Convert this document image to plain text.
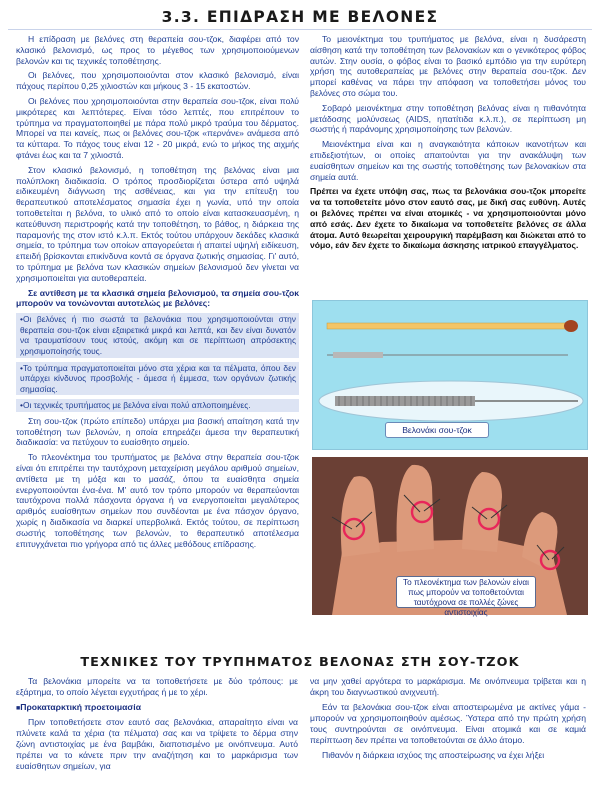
3.3. ΕΠΙΔΡΑΣΗ ΜΕ ΒΕΛΟΝΕΣ

Η επίδραση με βελόνες στη θεραπεία σου-τζοκ, διαφέρει από τον κλασικό βελονισμό, ως προς το μέγεθος των χρησιμοποιούμενων βελονών και τις τεχνικές τοποθέτησης.

Οι βελόνες, που χρησιμοποιούνται στον κλασικό βελονισμό, είναι πάχους περίπου 0,25 χιλιοστών και μήκους 3 - 15 εκατοστών.

Οι βελόνες που χρησιμοποιούνται στην θεραπεία σου-τζοκ, είναι πολύ μικρότερες και λεπτότερες. Είναι τόσο λεπτές, που επιτρέπουν το τρύπημα να πραγματοποιηθεί με πάρα πολύ μικρό τραύμα του δέρματος. Μπορεί να πει κανείς, πως οι βελόνες σου-τζοκ «περνάνε» ανάμεσα από τα κύτταρα. Το πάχος τους είναι 12 - 20 μικρά, ενώ το μήκος της αιχμής φτάνει έως και τα 7 χιλιοστά.

Στον κλασικό βελονισμό, η τοποθέτηση της βελόνας είναι μια πολύπλοκη διαδικασία. Ο τρόπος προσδιορίζεται ύστερα από υψηλά ειδικευμένη διάγνωση της ασθένειας, και για την επίτευξη του θεραπευτικού αποτελέσματος σημασία έχει η γωνία, υπό την οποία τοποθετείται η βελόνα, το υλικό από το οποίο είναι κατασκευασμένη, η κατεύθυνση περιστροφής κατά την τοποθέτηση, το βάθος, η διάρκεια της παραμονής της στον ιστό κ.λ.π. Εκτός τούτου υπάρχουν δεκάδες κλασικά σημεία, το τρύπημα των οποίων απαγορεύεται ή απαιτεί υψηλή ειδίκευση, επειδή βρίσκονται επικίνδυνα κοντά σε όργανα ζωτικής σημασίας. Γι' αυτό, το τρύπημα με βελόνα των κλασικών σημείων βελονισμού δεν γίνεται να χρησιμοποιείται για αυτοθεραπεία.

Σε αντίθεση με τα κλασικά σημεία βελονισμού, τα σημεία σου-τζοκ μπορούν να τονώνονται αυτοτελώς με βελόνες:

• Οι βελόνες ή πιο σωστά τα βελονάκια που χρησιμοποιούνται στην θεραπεία σου-τζοκ είναι εξαιρετικά μικρά και λεπτά, και δεν είναι δυνατόν να τραυματίσουν τους ιστούς, ακόμη και σε περίπτωση απρόσεκτης χρησιμοποίησής τους.

• Το τρύπημα πραγματοποιείται μόνο στα χέρια και τα πέλματα, όπου δεν υπάρχει κίνδυνος προσβολής - άμεσα ή έμμεσα, των οργάνων ζωτικής σημασίας.

• Οι τεχνικές τρυπήματος με βελόνα είναι πολύ απλοποιημένες.

Στη σου-τζοκ (πρώτο επίπεδο) υπάρχει μια βασική απαίτηση κατά την τοποθέτηση των βελονών, η οποία επηρεάζει άμεσα την θεραπευτική διαδικασία: να πετύχουν το ευαίσθητο σημείο.

Το πλεονέκτημα του τρυπήματος με βελόνα στην θεραπεία σου-τζοκ είναι ότι επιτρέπει την ταυτόχρονη μεταχείριση μεγάλου αριθμού σημείων, αντίθετα με τη μόξα και το μασάζ, όπου τα ευαίσθητα σημεία ενεργοποιούνται ένα-ένα. Μ' αυτό τον τρόπο μπορούν να θεραπεύονται ταυτόχρονα πολλά πάσχοντα όργανα ή να ενεργοποιείται μεγαλύτερος αριθμός ευαίσθητων σημείων που συνδέονται με ένα πάσχον όργανο, χωρίς η διαδικασία να διαρκεί υπερβολικά. Εκτός τούτου, σε περίπτωση σωστής τοποθέτησης των βελονών, το θεραπευτικό αποτέλεσμα επιτυγχάνεται πιο γρήγορα από τις άλλες μεθόδους επίδρασης.

Το μειονέκτημα του τρυπήματος με βελόνα, είναι η δυσάρεστη αίσθηση κατά την τοποθέτηση των βελονακίων και ο γενικότερος φόβος αυτών. Στην ουσία, ο φόβος είναι το βασικό εμπόδιο για την ευρύτερη χρήση της αυτοθεραπείας με βελόνες στην θεραπεία σου-τζοκ. Δεν μπορεί καθένας να πάρει την απόφαση να τοποθετήσει μόνος του βελόνες στο σώμα του.

Σοβαρό μειονέκτημα στην τοποθέτηση βελόνας είναι η πιθανότητα μετάδοσης μολύνσεως (AIDS, ηπατίτιδα κ.λ.π.), σε περίπτωση μη σωστής ή παράνομης χρησιμοποίησης των βελονών.

Μειονέκτημα είναι και η αναγκαιότητα κάποιων ικανοτήτων και επιδεξιοτήτων, οι οποίες απαιτούνται για την ανακάλυψη των ευαίσθητων σημείων και της σωστής τοποθέτησης των βελονακίων στα σημεία αυτά.

Πρέπει να έχετε υπόψη σας, πως τα βελονάκια σου-τζοκ μπορείτε να τα τοποθετείτε μόνο στον εαυτό σας, με δική σας ευθύνη. Αυτές οι βελόνες πρέπει να είναι ατομικές - να χρησιμοποιούνται μόνο από εσάς. Δεν έχετε το δικαίωμα να τοποθετείτε βελόνες σε άλλα άτομα. Αυτό θεωρείται χειρουργική παρέμβαση και διώκεται από το νόμο, εάν δεν έχετε το δικαίωμα άσκησης ιατρικού επαγγέλματος.

Βελονάκι σου-τζοκ
Το πλεονέκτημα των βελονών είναι πως μπορούν να τοποθετούνται ταυτόχρονα σε πολλές ζώνες αντιστοιχίας
ΤΕΧΝΙΚΕΣ ΤΟΥ ΤΡΥΠΗΜΑΤΟΣ ΒΕΛΟΝΑΣ ΣΤΗ ΣΟΥ-ΤΖΟΚ

Τα βελονάκια μπορείτε να τα τοποθετήσετε με δύο τρόπους: με εξάρτημα, το οποίο λέγεται εγχυτήρας ή με το χέρι.

■ Προκαταρκτική προετοιμασία

Πριν τοποθετήσετε στον εαυτό σας βελονάκια, απαραίτητο είναι να πλύνετε καλά τα χέρια (τα πέλματα) σας και να τρίψετε το δέρμα στην ζώνη αντιστοιχίας με ένα βαμβάκι, διαποτισμένο με οινόπνευμα. Αυτό πρέπει να το κάνετε πριν την αναζήτηση και το μαρκάρισμα των ευαίσθητων σημείων, για

να μην χαθεί αργότερα το μαρκάρισμα. Με οινόπνευμα τρίβεται και η άκρη του διαγνωστικού ανιχνευτή.

Εάν τα βελονάκια σου-τζοκ είναι αποστειρωμένα με ακτίνες γάμα - μπορούν να χρησιμοποιηθούν αμέσως. Ύστερα από την πρώτη χρήση τους συντηρούνται σε οινόπνευμα. Είναι ατομικά και σε καμιά περίπτωση δεν πρέπει να τοποθετούνται σε άλλο άτομο.

Πιθανόν η διάρκεια ισχύος της αποστείρωσης να έχει λήξει
